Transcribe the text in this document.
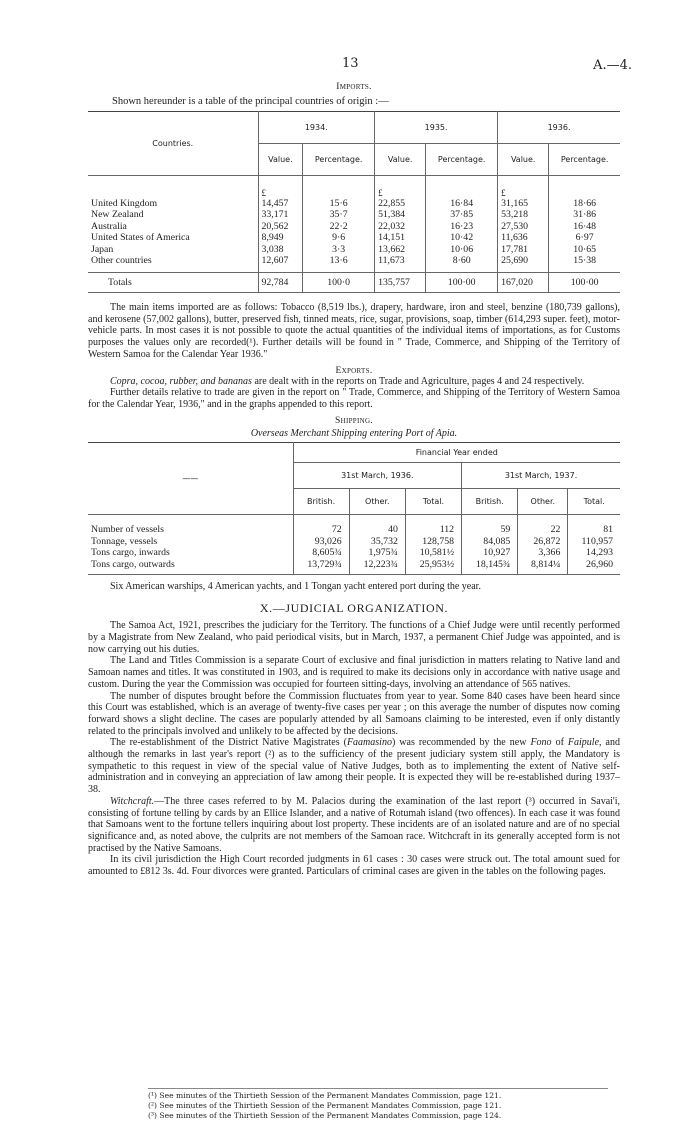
13	A.—4.
Imports.
Shown hereunder is a table of the principal countries of origin :—
Countries.	1934.		1935.		1936.	
	Value.	Percentage.	Value.	Percentage.	Value.	Percentage.
	£		£		£	
United Kingdom	14,457	15·6	22,855	16·84	31,165	18·66
New Zealand	33,171	35·7	51,384	37·85	53,218	31·86
Australia	20,562	22·2	22,032	16·23	27,530	16·48
United States of America	8,949	9·6	14,151	10·42	11,636	6·97
Japan	3,038	3·3	13,662	10·06	17,781	10·65
Other countries	12,607	13·6	11,673	8·60	25,690	15·38

Totals	92,784	100·0	135,757	100·00	167,020	100·00

The main items imported are as follows: Tobacco (8,519 lbs.), drapery, hardware, iron and steel, benzine (180,739 gallons), and kerosene (57,002 gallons), butter, preserved fish, tinned meats, rice, sugar, provisions, soap, timber (614,293 super. feet), motor-vehicle parts. In most cases it is not possible to quote the actual quantities of the individual items of importations, as for Customs purposes the values only are recorded(¹). Further details will be found in " Trade, Commerce, and Shipping of the Territory of Western Samoa for the Calendar Year 1936."

Exports.

Copra, cocoa, rubber, and bananas are dealt with in the reports on Trade and Agriculture, pages 4 and 24 respectively.

Further details relative to trade are given in the report on " Trade, Commerce, and Shipping of the Territory of Western Samoa for the Calendar Year, 1936," and in the graphs appended to this report.

Shipping.
Overseas Merchant Shipping entering Port of Apia.
——	Financial Year ended					
	31st March, 1936.			31st March, 1937.		
	British.	Other.	Total.	British.	Other.	Total.

Number of vessels	72	40	112	59	22	81
Tonnage, vessels	93,026	35,732	128,758	84,085	26,872	110,957
Tons cargo, inwards	8,605¾	1,975¾	10,581½	10,927	3,366	14,293
Tons cargo, outwards	13,729¾	12,223¾	25,953½	18,145¾	8,814¼	26,960

Six American warships, 4 American yachts, and 1 Tongan yacht entered port during the year.

X.—JUDICIAL ORGANIZATION.

The Samoa Act, 1921, prescribes the judiciary for the Territory. The functions of a Chief Judge were until recently performed by a Magistrate from New Zealand, who paid periodical visits, but in March, 1937, a permanent Chief Judge was appointed, and is now carrying out his duties.

The Land and Titles Commission is a separate Court of exclusive and final jurisdiction in matters relating to Native land and Samoan names and titles. It was constituted in 1903, and is required to make its decisions only in accordance with native usage and custom. During the year the Commission was occupied for fourteen sitting-days, involving an attendance of 565 natives.

The number of disputes brought before the Commission fluctuates from year to year. Some 840 cases have been heard since this Court was established, which is an average of twenty-five cases per year ; on this average the number of disputes now coming forward shows a slight decline. The cases are popularly attended by all Samoans claiming to be interested, even if only distantly related to the principals involved and unlikely to be affected by the decisions.

The re-establishment of the District Native Magistrates (Faamasino) was recommended by the new Fono of Faipule, and although the remarks in last year's report (²) as to the sufficiency of the present judiciary system still apply, the Mandatory is sympathetic to this request in view of the special value of Native Judges, both as to implementing the extent of Native self-administration and in conveying an appreciation of law among their people. It is expected they will be re-established during 1937–38.

Witchcraft.—The three cases referred to by M. Palacios during the examination of the last report (³) occurred in Savai'i, consisting of fortune telling by cards by an Ellice Islander, and a native of Rotumah island (two offences). In each case it was found that Samoans went to the fortune tellers inquiring about lost property. These incidents are of an isolated nature and are of no special significance and, as noted above, the culprits are not members of the Samoan race. Witchcraft in its generally accepted form is not practised by the Native Samoans.

In its civil jurisdiction the High Court recorded judgments in 61 cases : 30 cases were struck out. The total amount sued for amounted to £812 3s. 4d. Four divorces were granted. Particulars of criminal cases are given in the tables on the following pages.

(¹) See minutes of the Thirtieth Session of the Permanent Mandates Commission, page 121.
(²) See minutes of the Thirtieth Session of the Permanent Mandates Commission, page 121.
(³) See minutes of the Thirtieth Session of the Permanent Mandates Commission, page 124.
